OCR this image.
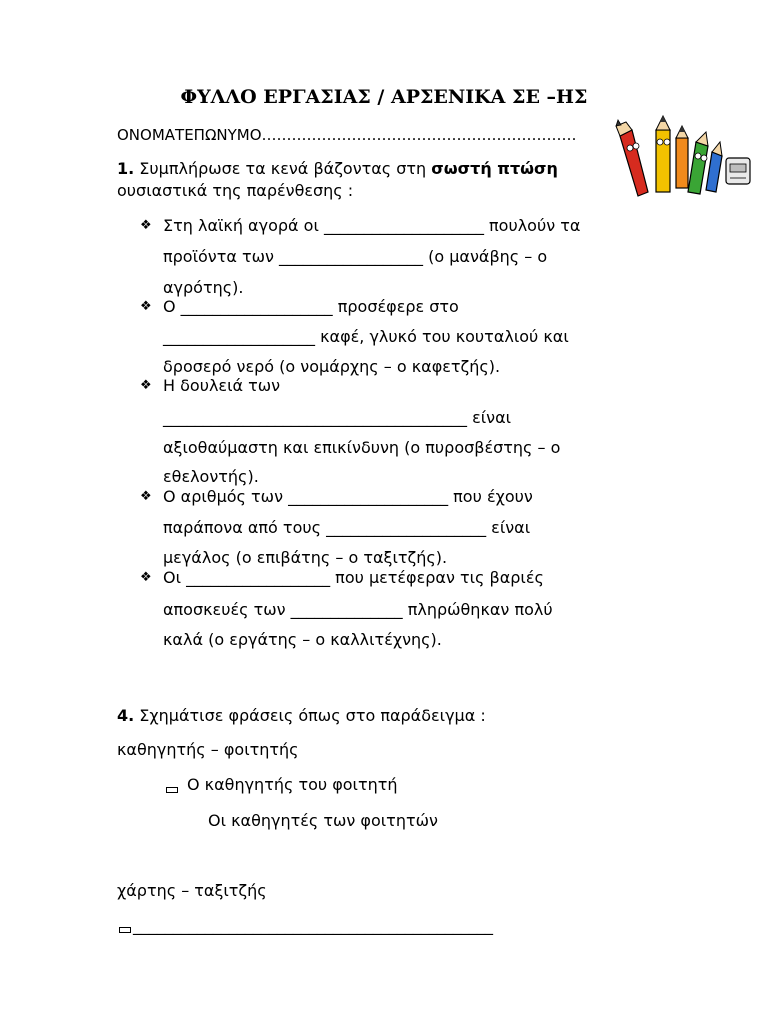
ΦΥΛΛΟ ΕΡΓΑΣΙΑΣ / ΑΡΣΕΝΙΚΑ ΣΕ –ΗΣ
ΟΝΟΜΑΤΕΠΩΝΥΜΟ………………………………………………………
1. Συμπλήρωσε τα κενά βάζοντας στη σωστή πτώση
ουσιαστικά της παρένθεσης :
❖ Στη λαϊκή αγορά οι ____________________ πουλούν τα
προϊόντα των __________________ (ο μανάβης – ο
αγρότης).
❖ Ο ___________________ προσέφερε στο
___________________ καφέ, γλυκό του κουταλιού και
δροσερό νερό (ο νομάρχης – ο καφετζής).
❖ Η δουλειά των
______________________________________ είναι
αξιοθαύμαστη και επικίνδυνη (ο πυροσβέστης – ο
εθελοντής).
❖ Ο αριθμός των ____________________ που έχουν
παράπονα από τους ____________________ είναι
μεγάλος (ο επιβάτης – ο ταξιτζής).
❖ Οι __________________ που μετέφεραν τις βαριές
αποσκευές των ______________ πληρώθηκαν πολύ
καλά (ο εργάτης – ο καλλιτέχνης).
4. Σχημάτισε φράσεις όπως στο παράδειγμα :
καθηγητής – φοιτητής
Ο καθηγητής του φοιτητή
Οι καθηγητές των φοιτητών
χάρτης – ταξιτζής
_____________________________________________
